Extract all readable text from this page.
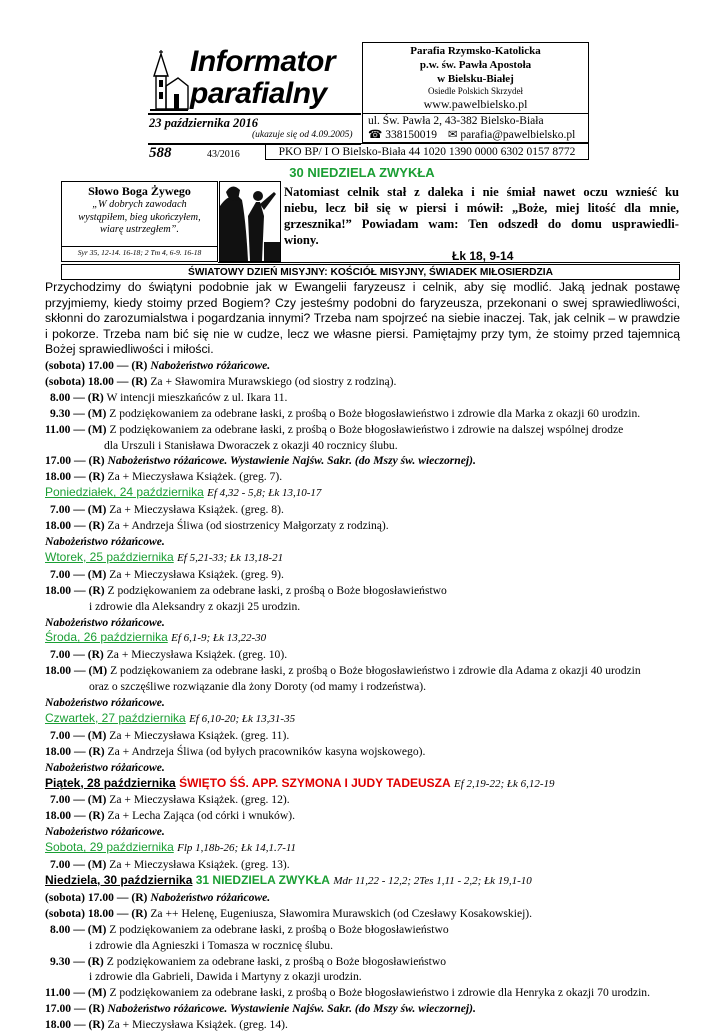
Informator
parafialny
23 października 2016
(ukazuje się od 4.09.2005)
588	43/2016
Parafia Rzymsko-Katolicka
p.w. św. Pawła Apostoła
w Bielsku-Białej
Osiedle Polskich Skrzydeł
www.pawelbielsko.pl
ul. Św. Pawła 2, 43-382 Bielsko-Biała
☎ 338150019 ✉ parafia@pawelbielsko.pl
PKO BP/ I O Bielsko-Biała 44 1020 1390 0000 6302 0157 8772
30 NIEDZIELA ZWYKŁA
Słowo Boga Żywego
„W dobrych zawodach
wystąpiłem, bieg ukończyłem,
wiarę ustrzegłem”.
Syr 35, 12-14. 16-18; 2 Tm 4, 6-9. 16-18
Natomiast celnik stał z daleka i nie śmiał nawet oczu wznieść ku
niebu, lecz bił się w piersi i mówił: „Boże, miej litość dla mnie,
grzesznika!” Powiadam wam: Ten odszedł do domu usprawiedli-
wiony.
Łk 18, 9-14
ŚWIATOWY DZIEŃ MISYJNY: KOŚCIÓŁ MISYJNY, ŚWIADEK MIŁOSIERDZIA
Przychodzimy do świątyni podobnie jak w Ewangelii faryzeusz i celnik, aby się modlić. Jaką jednak postawę
przyjmiemy, kiedy stoimy przed Bogiem? Czy jesteśmy podobni do faryzeusza, przekonani o swej sprawiedliwości,
skłonni do zarozumialstwa i pogardzania innymi? Trzeba nam spojrzeć na siebie inaczej. Tak, jak celnik – w prawdzie
i pokorze. Trzeba nam bić się nie w cudze, lecz we własne piersi. Pamiętajmy przy tym, że stoimy przed tajemnicą
Bożej sprawiedliwości i miłości.
(sobota) 17.00 — (R) Nabożeństwo różańcowe.
(sobota) 18.00 — (R) Za + Sławomira Murawskiego (od siostry z rodziną).
8.00 — (R) W intencji mieszkańców z ul. Ikara 11.
9.30 — (M) Z podziękowaniem za odebrane łaski, z prośbą o Boże błogosławieństwo i zdrowie dla Marka z okazji 60 urodzin.
11.00 — (M) Z podziękowaniem za odebrane łaski, z prośbą o Boże błogosławieństwo i zdrowie na dalszej wspólnej drodze
dla Urszuli i Stanisława Dworaczek z okazji 40 rocznicy ślubu.
17.00 — (R) Nabożeństwo różańcowe. Wystawienie Najśw. Sakr. (do Mszy św. wieczornej).
18.00 — (R) Za + Mieczysława Książek. (greg. 7).
Poniedziałek, 24 października Ef 4,32 - 5,8; Łk 13,10-17
7.00 — (M) Za + Mieczysława Książek. (greg. 8).
18.00 — (R) Za + Andrzeja Śliwa (od siostrzenicy Małgorzaty z rodziną).
Nabożeństwo różańcowe.
Wtorek, 25 października Ef 5,21-33; Łk 13,18-21
7.00 — (M) Za + Mieczysława Książek. (greg. 9).
18.00 — (R) Z podziękowaniem za odebrane łaski, z prośbą o Boże błogosławieństwo
i zdrowie dla Aleksandry z okazji 25 urodzin.
Nabożeństwo różańcowe.
Środa, 26 października Ef 6,1-9; Łk 13,22-30
7.00 — (R) Za + Mieczysława Książek. (greg. 10).
18.00 — (M) Z podziękowaniem za odebrane łaski, z prośbą o Boże błogosławieństwo i zdrowie dla Adama z okazji 40 urodzin
oraz o szczęśliwe rozwiązanie dla żony Doroty (od mamy i rodzeństwa).
Nabożeństwo różańcowe.
Czwartek, 27 października Ef 6,10-20; Łk 13,31-35
7.00 — (M) Za + Mieczysława Książek. (greg. 11).
18.00 — (R) Za + Andrzeja Śliwa (od byłych pracowników kasyna wojskowego).
Nabożeństwo różańcowe.
Piątek, 28 października ŚWIĘTO ŚŚ. APP. SZYMONA I JUDY TADEUSZA Ef 2,19-22; Łk 6,12-19
7.00 — (M) Za + Mieczysława Książek. (greg. 12).
18.00 — (R) Za + Lecha Zająca (od córki i wnuków).
Nabożeństwo różańcowe.
Sobota, 29 października Flp 1,18b-26; Łk 14,1.7-11
7.00 — (M) Za + Mieczysława Książek. (greg. 13).
Niedziela, 30 października 31 NIEDZIELA ZWYKŁA Mdr 11,22 - 12,2; 2Tes 1,11 - 2,2; Łk 19,1-10
(sobota) 17.00 — (R) Nabożeństwo różańcowe.
(sobota) 18.00 — (R) Za ++ Helenę, Eugeniusza, Sławomira Murawskich (od Czesławy Kosakowskiej).
8.00 — (M) Z podziękowaniem za odebrane łaski, z prośbą o Boże błogosławieństwo
i zdrowie dla Agnieszki i Tomasza w rocznicę ślubu.
9.30 — (R) Z podziękowaniem za odebrane łaski, z prośbą o Boże błogosławieństwo
i zdrowie dla Gabrieli, Dawida i Martyny z okazji urodzin.
11.00 — (M) Z podziękowaniem za odebrane łaski, z prośbą o Boże błogosławieństwo i zdrowie dla Henryka z okazji 70 urodzin.
17.00 — (R) Nabożeństwo różańcowe. Wystawienie Najśw. Sakr. (do Mszy św. wieczornej).
18.00 — (R) Za + Mieczysława Książek. (greg. 14).
